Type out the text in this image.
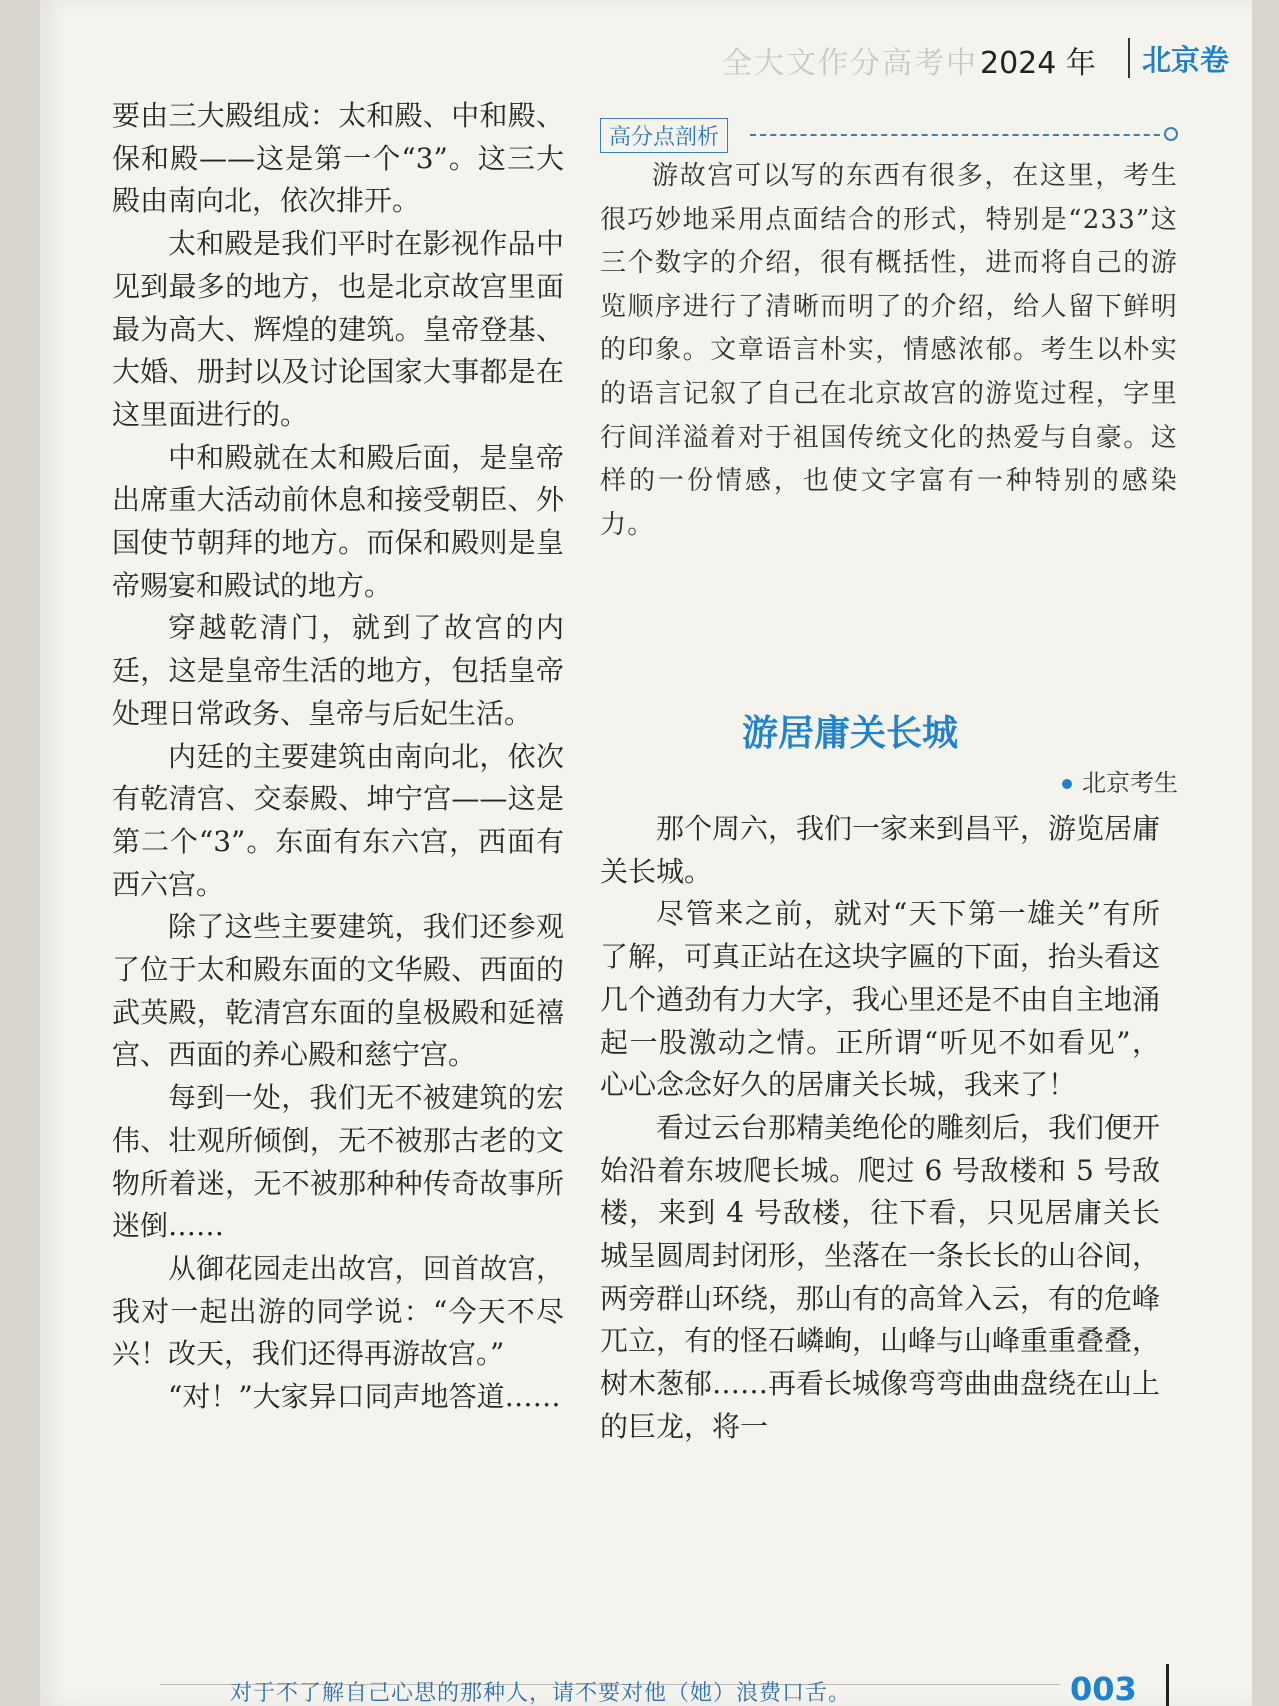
全大文作分高考中 2024 年 北京卷

要由三大殿组成：太和殿、中和殿、保和殿——这是第一个“3”。这三大殿由南向北，依次排开。

太和殿是我们平时在影视作品中见到最多的地方，也是北京故宫里面最为高大、辉煌的建筑。皇帝登基、大婚、册封以及讨论国家大事都是在这里面进行的。

中和殿就在太和殿后面，是皇帝出席重大活动前休息和接受朝臣、外国使节朝拜的地方。而保和殿则是皇帝赐宴和殿试的地方。

穿越乾清门，就到了故宫的内廷，这是皇帝生活的地方，包括皇帝处理日常政务、皇帝与后妃生活。

内廷的主要建筑由南向北，依次有乾清宫、交泰殿、坤宁宫——这是第二个“3”。东面有东六宫，西面有西六宫。

除了这些主要建筑，我们还参观了位于太和殿东面的文华殿、西面的武英殿，乾清宫东面的皇极殿和延禧宫、西面的养心殿和慈宁宫。

每到一处，我们无不被建筑的宏伟、壮观所倾倒，无不被那古老的文物所着迷，无不被那种种传奇故事所迷倒……

从御花园走出故宫，回首故宫，我对一起出游的同学说：“今天不尽兴！改天，我们还得再游故宫。”

“对！”大家异口同声地答道……

高分点剖析

游故宫可以写的东西有很多，在这里，考生很巧妙地采用点面结合的形式，特别是“233”这三个数字的介绍，很有概括性，进而将自己的游览顺序进行了清晰而明了的介绍，给人留下鲜明的印象。文章语言朴实，情感浓郁。考生以朴实的语言记叙了自己在北京故宫的游览过程，字里行间洋溢着对于祖国传统文化的热爱与自豪。这样的一份情感，也使文字富有一种特别的感染力。

游居庸关长城
北京考生

那个周六，我们一家来到昌平，游览居庸关长城。

尽管来之前，就对“天下第一雄关”有所了解，可真正站在这块字匾的下面，抬头看这几个遒劲有力大字，我心里还是不由自主地涌起一股激动之情。正所谓“听见不如看见”，心心念念好久的居庸关长城，我来了！

看过云台那精美绝伦的雕刻后，我们便开始沿着东坡爬长城。爬过 6 号敌楼和 5 号敌楼，来到 4 号敌楼，往下看，只见居庸关长城呈圆周封闭形，坐落在一条长长的山谷间，两旁群山环绕，那山有的高耸入云，有的危峰兀立，有的怪石嶙峋，山峰与山峰重重叠叠，树木葱郁……再看长城像弯弯曲曲盘绕在山上的巨龙，将一

对于不了解自己心思的那种人，请不要对他（她）浪费口舌。	003
